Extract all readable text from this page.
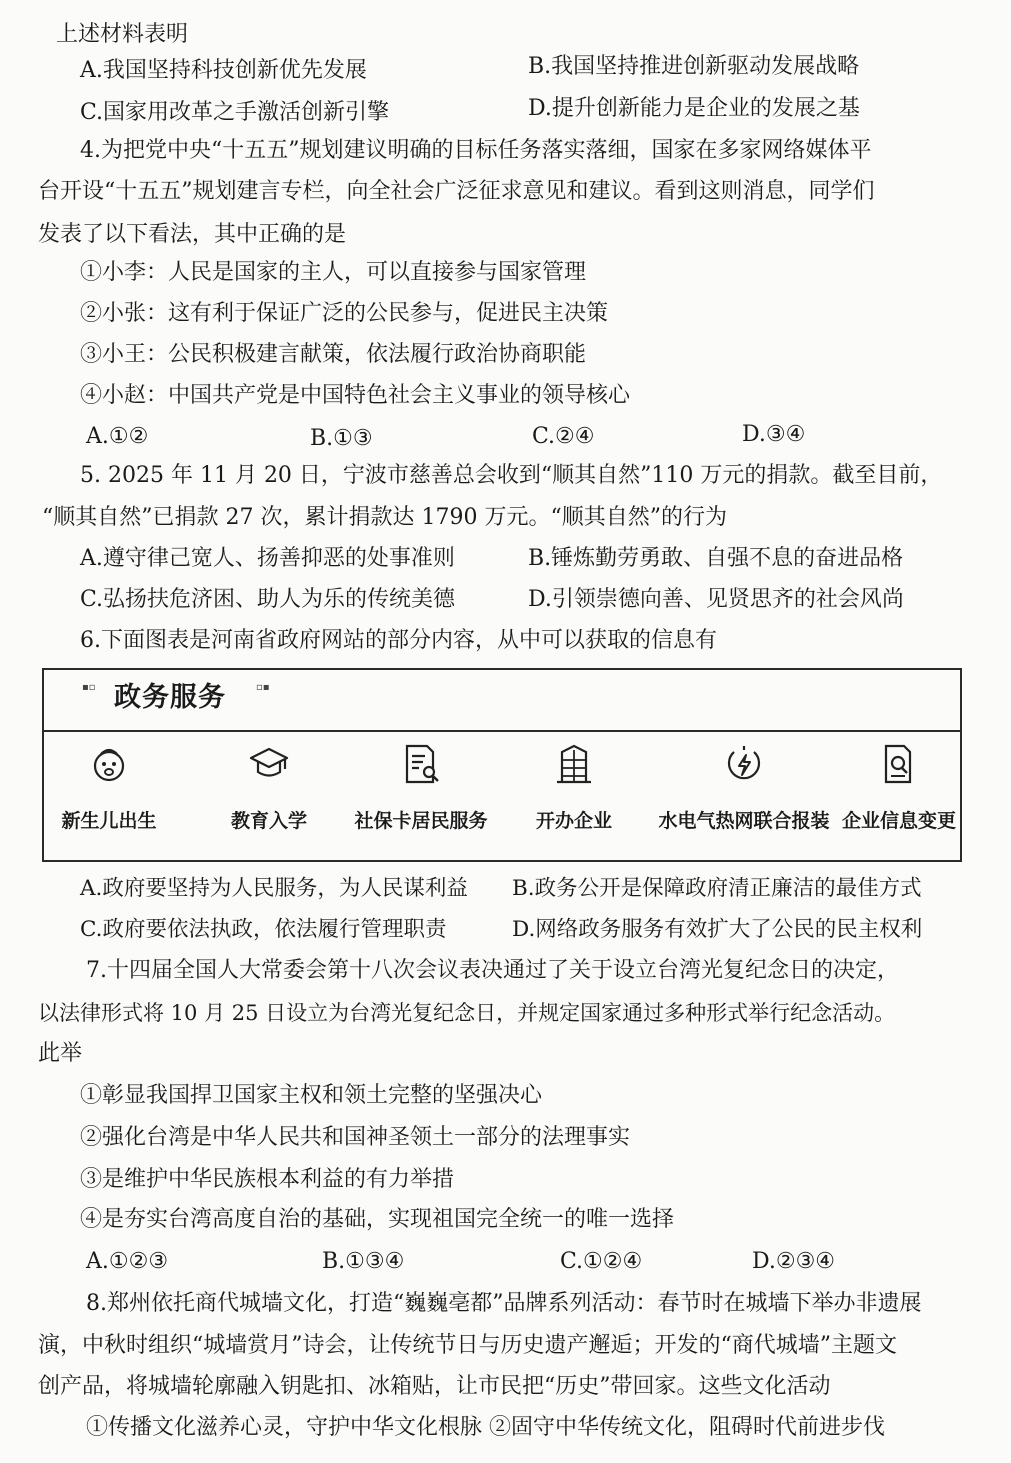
上述材料表明
A.我国坚持科技创新优先发展	B.我国坚持推进创新驱动发展战略
C.国家用改革之手激活创新引擎	D.提升创新能力是企业的发展之基
4.为把党中央“十五五”规划建议明确的目标任务落实落细，国家在多家网络媒体平
台开设“十五五”规划建言专栏，向全社会广泛征求意见和建议。看到这则消息，同学们
发表了以下看法，其中正确的是
①小李：人民是国家的主人，可以直接参与国家管理
②小张：这有利于保证广泛的公民参与，促进民主决策
③小王：公民积极建言献策，依法履行政治协商职能
④小赵：中国共产党是中国特色社会主义事业的领导核心
A.①②	B.①③	C.②④	D.③④
5. 2025 年 11 月 20 日，宁波市慈善总会收到“顺其自然”110 万元的捐款。截至目前，
“顺其自然”已捐款 27 次，累计捐款达 1790 万元。“顺其自然”的行为
A.遵守律己宽人、扬善抑恶的处事准则	B.锤炼勤劳勇敢、自强不息的奋进品格
C.弘扬扶危济困、助人为乐的传统美德	D.引领崇德向善、见贤思齐的社会风尚
6.下面图表是河南省政府网站的部分内容，从中可以获取的信息有
▪▫ 政务服务	▫▪
新生儿出生	教育入学	社保卡居民服务	开办企业	水电气热网联合报装 企业信息变更
A.政府要坚持为人民服务，为人民谋利益 B.政务公开是保障政府清正廉洁的最佳方式
C.政府要依法执政，依法履行管理职责	D.网络政务服务有效扩大了公民的民主权利
7.十四届全国人大常委会第十八次会议表决通过了关于设立台湾光复纪念日的决定，
以法律形式将 10 月 25 日设立为台湾光复纪念日，并规定国家通过多种形式举行纪念活动。
此举
①彰显我国捍卫国家主权和领土完整的坚强决心
②强化台湾是中华人民共和国神圣领土一部分的法理事实
③是维护中华民族根本利益的有力举措
④是夯实台湾高度自治的基础，实现祖国完全统一的唯一选择
A.①②③	B.①③④	C.①②④	D.②③④
8.郑州依托商代城墙文化，打造“巍巍亳都”品牌系列活动：春节时在城墙下举办非遗展
演，中秋时组织“城墙赏月”诗会，让传统节日与历史遗产邂逅；开发的“商代城墙”主题文
创产品，将城墙轮廓融入钥匙扣、冰箱贴，让市民把“历史”带回家。这些文化活动
①传播文化滋养心灵，守护中华文化根脉 ②固守中华传统文化，阻碍时代前进步伐
